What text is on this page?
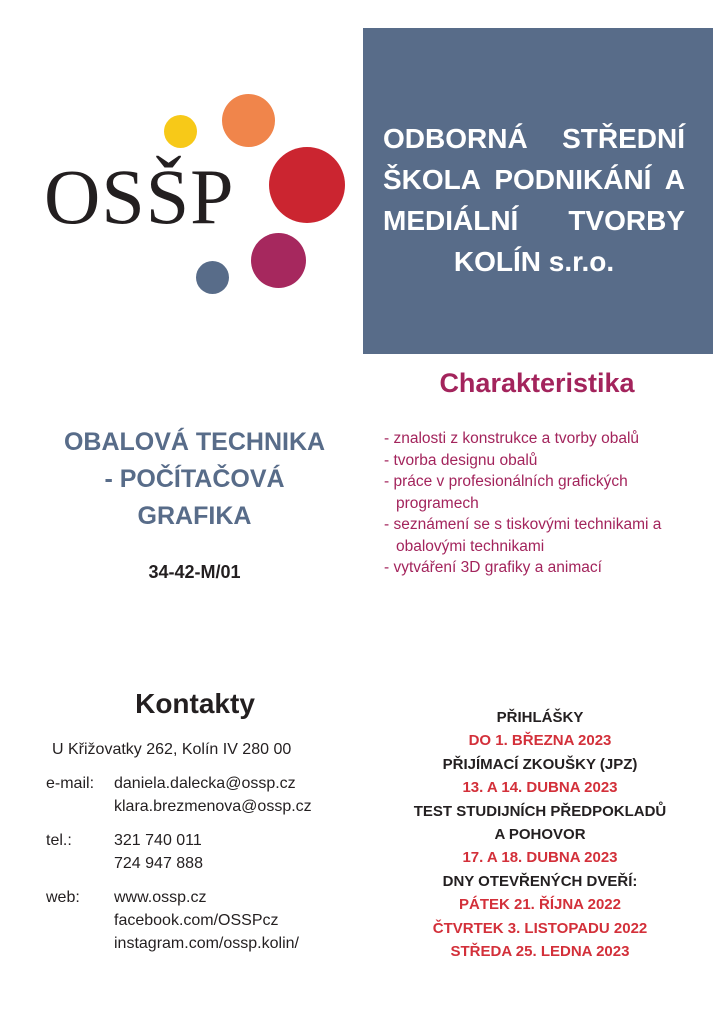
OSŠP
ODBORNÁ STŘEDNÍ ŠKOLA PODNIKÁNÍ A MEDIÁLNÍ TVORBY KOLÍN s.r.o.
OBALOVÁ TECHNIKA
- POČÍTAČOVÁ
GRAFIKA
34-42-M/01
Charakteristika
- znalosti z konstrukce a tvorby obalů
- tvorba designu obalů
- práce v profesionálních grafických programech
- seznámení se s tiskovými technikami a obalovými technikami
- vytváření 3D grafiky a animací
Kontakty
U Křižovatky 262, Kolín IV 280 00
e-mail:	daniela.dalecka@ossp.cz
klara.brezmenova@ossp.cz
tel.:	321 740 011
724 947 888
web:	www.ossp.cz
facebook.com/OSSPcz
instagram.com/ossp.kolin/
PŘIHLÁŠKY
DO 1. BŘEZNA 2023
PŘIJÍMACÍ ZKOUŠKY (JPZ)
13. A 14. DUBNA 2023
TEST STUDIJNÍCH PŘEDPOKLADŮ
A POHOVOR
17. A 18. DUBNA 2023
DNY OTEVŘENÝCH DVEŘÍ:
PÁTEK 21. ŘÍJNA 2022
ČTVRTEK 3. LISTOPADU 2022
STŘEDA 25. LEDNA 2023
